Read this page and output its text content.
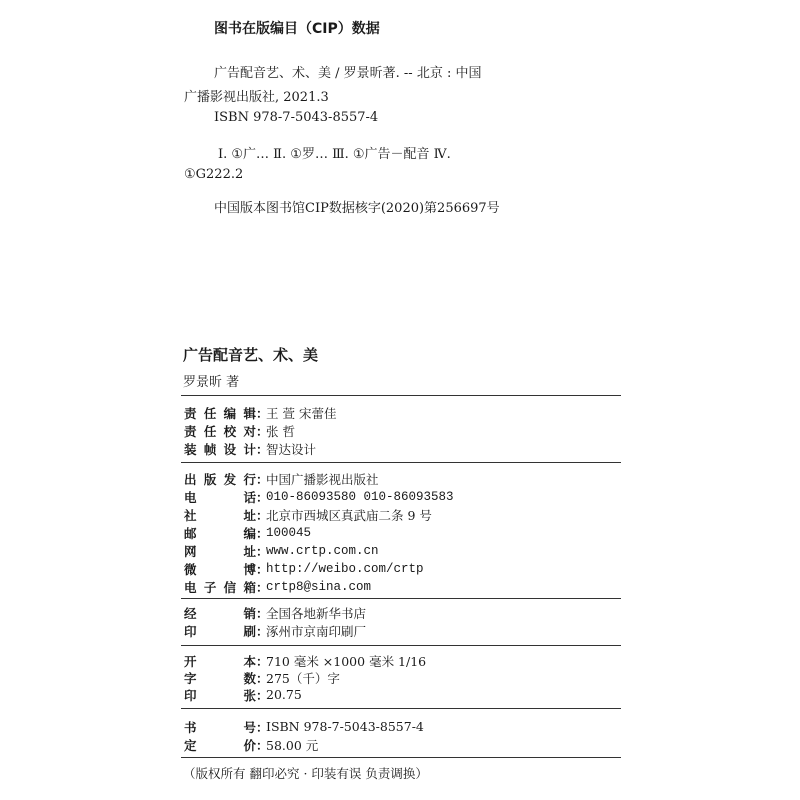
图书在版编目（CIP）数据
广告配音艺、术、美 / 罗景昕著. -- 北京 : 中国
广播影视出版社, 2021.3
ISBN 978-7-5043-8557-4
Ⅰ. ①广… Ⅱ. ①罗… Ⅲ. ①广告－配音 Ⅳ.
①G222.2
中国版本图书馆CIP数据核字(2020)第256697号
广告配音艺、术、美
罗景昕 著
责任编辑 ：
王 萱 宋蕾佳
责任校对 ：
张 哲
装帧设计 ：
智达设计
出版发行 ：
中国广播影视出版社
电话 ：
010-86093580 010-86093583
社址 ：
北京市西城区真武庙二条 9 号
邮编 ：
100045
网址 ：
www.crtp.com.cn
微博 ：
http://weibo.com/crtp
电子信箱 ：
crtp8@sina.com
经销 ：
全国各地新华书店
印刷 ：
涿州市京南印刷厂
开本 ：
710 毫米 ×1000 毫米 1/16
字数 ：
275（千）字
印张 ：
20.75
书号 ：
ISBN 978-7-5043-8557-4
定价 ：
58.00 元
（版权所有 翻印必究 · 印装有误 负责调换）
